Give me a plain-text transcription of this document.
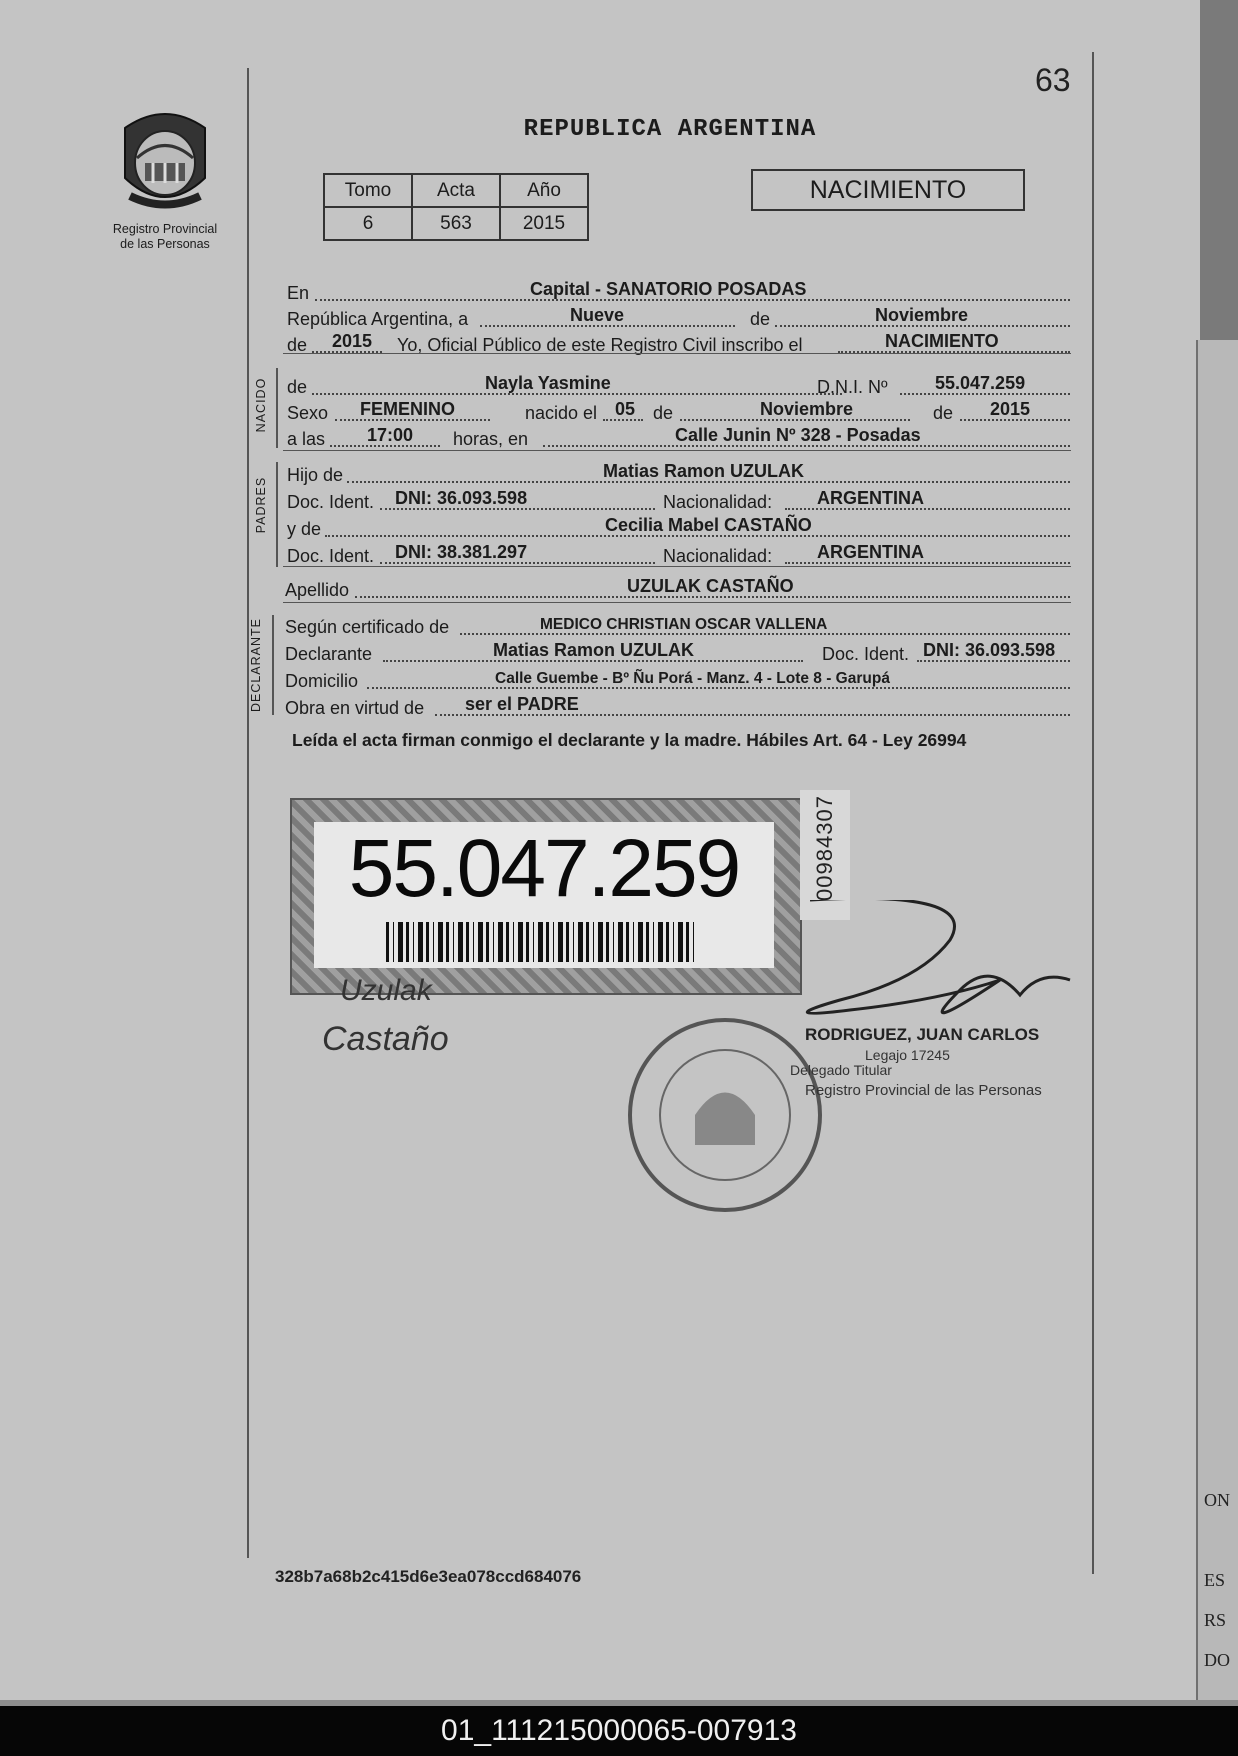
ON
ES
RS
DO
63
REPUBLICA ARGENTINA
Registro Provincial
de las Personas
Tomo	Acta	Año
6	563	2015
NACIMIENTO
En	Capital - SANATORIO POSADAS
República Argentina, a	Nueve	de	Noviembre
de 2015 Yo, Oficial Público de este Registro Civil inscribo el	NACIMIENTO
NACIDO de	Nayla Yasmine	D.N.I. Nº	55.047.259
Sexo FEMENINO	nacido el 05 de	Noviembre	de 2015
a las 17:00 horas, en	Calle Junin Nº 328 - Posadas
PADRES
Hijo de	Matias Ramon UZULAK
Doc. Ident. DNI: 36.093.598	Nacionalidad: ARGENTINA
y de	Cecilia Mabel CASTAÑO
Doc. Ident. DNI: 38.381.297	Nacionalidad: ARGENTINA
Apellido	UZULAK CASTAÑO
DECLARANTE Según certificado de	MEDICO CHRISTIAN OSCAR VALLENA
Declarante	Matias Ramon UZULAK	Doc. Ident. DNI: 36.093.598
Domicilio	Calle Guembe - Bº Ñu Porá - Manz. 4 - Lote 8 - Garupá
Obra en virtud de ser el PADRE
Leída el acta firman conmigo el declarante y la madre. Hábiles Art. 64 - Ley 26994
55.047.259	00984307
Uzulak
Castaño	RODRIGUEZ, JUAN CARLOS
Legajo 17245
Delegado Titular
Registro Provincial de las Personas
328b7a68b2c415d6e3ea078ccd684076
01_111215000065-007913
